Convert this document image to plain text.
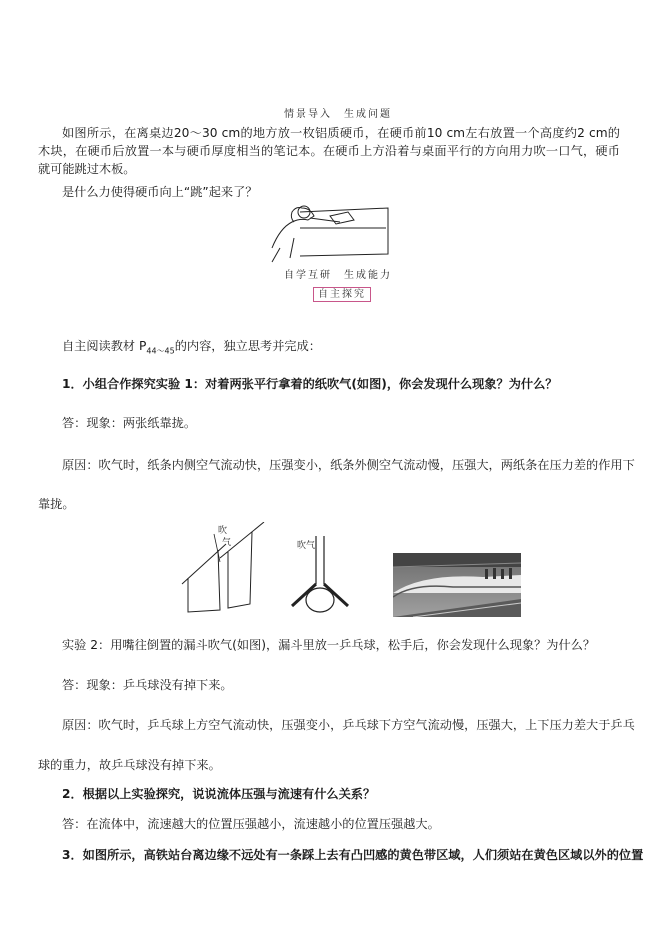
情景导入　生成问题
如图所示，在离桌边20～30 cm的地方放一枚铝质硬币，在硬币前10 cm左右放置一个高度约2 cm的木块，在硬币后放置一本与硬币厚度相当的笔记本。在硬币上方沿着与桌面平行的方向用力吹一口气，硬币就可能跳过木板。
是什么力使得硬币向上“跳”起来了？
自学互研　生成能力
自主探究
自主阅读教材 $P_{44\sim 45}$的内容，独立思考并完成：
1．小组合作探究实验 1：对着两张平行拿着的纸吹气(如图)，你会发现什么现象？为什么？
答：现象：两张纸靠拢。
原因：吹气时，纸条内侧空气流动快，压强变小，纸条外侧空气流动慢，压强大，两纸条在压力差的作用下
靠拢。
吹
气	吹气
实验 2：用嘴往倒置的漏斗吹气(如图)，漏斗里放一乒乓球，松手后，你会发现什么现象？为什么？
答：现象：乒乓球没有掉下来。
原因：吹气时，乒乓球上方空气流动快，压强变小，乒乓球下方空气流动慢，压强大，上下压力差大于乒乓
球的重力，故乒乓球没有掉下来。
2．根据以上实验探究，说说流体压强与流速有什么关系？
答：在流体中，流速越大的位置压强越小，流速越小的位置压强越大。
3．如图所示，高铁站台离边缘不远处有一条踩上去有凸凹感的黄色带区域，人们须站在黄色区域以外的位置
